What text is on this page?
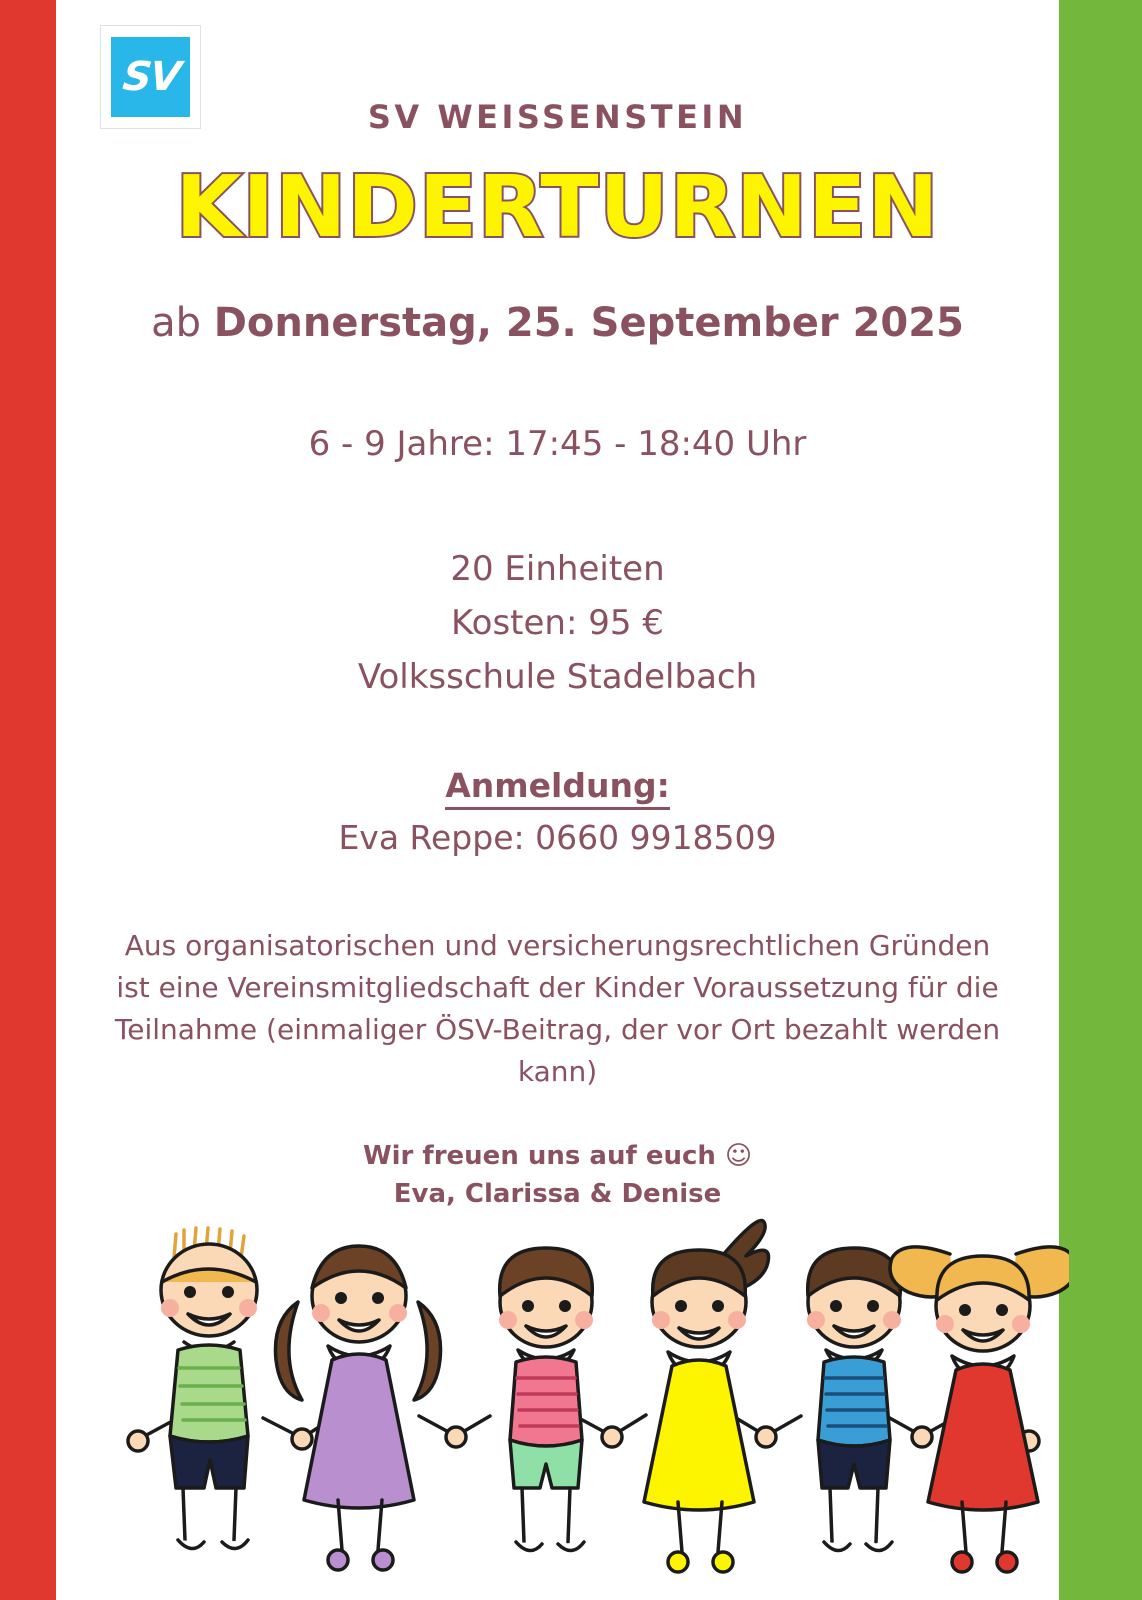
SV
SV WEISSENSTEIN
KINDERTURNEN
ab Donnerstag, 25. September 2025
6 - 9 Jahre: 17:45 - 18:40 Uhr
20 Einheiten
Kosten: 95 €
Volksschule Stadelbach
Anmeldung:
Eva Reppe: 0660 9918509
Aus organisatorischen und versicherungsrechtlichen Gründen ist eine Vereinsmitgliedschaft der Kinder Voraussetzung für die Teilnahme (einmaliger ÖSV-Beitrag, der vor Ort bezahlt werden kann)
Wir freuen uns auf euch ☺
Eva, Clarissa & Denise
